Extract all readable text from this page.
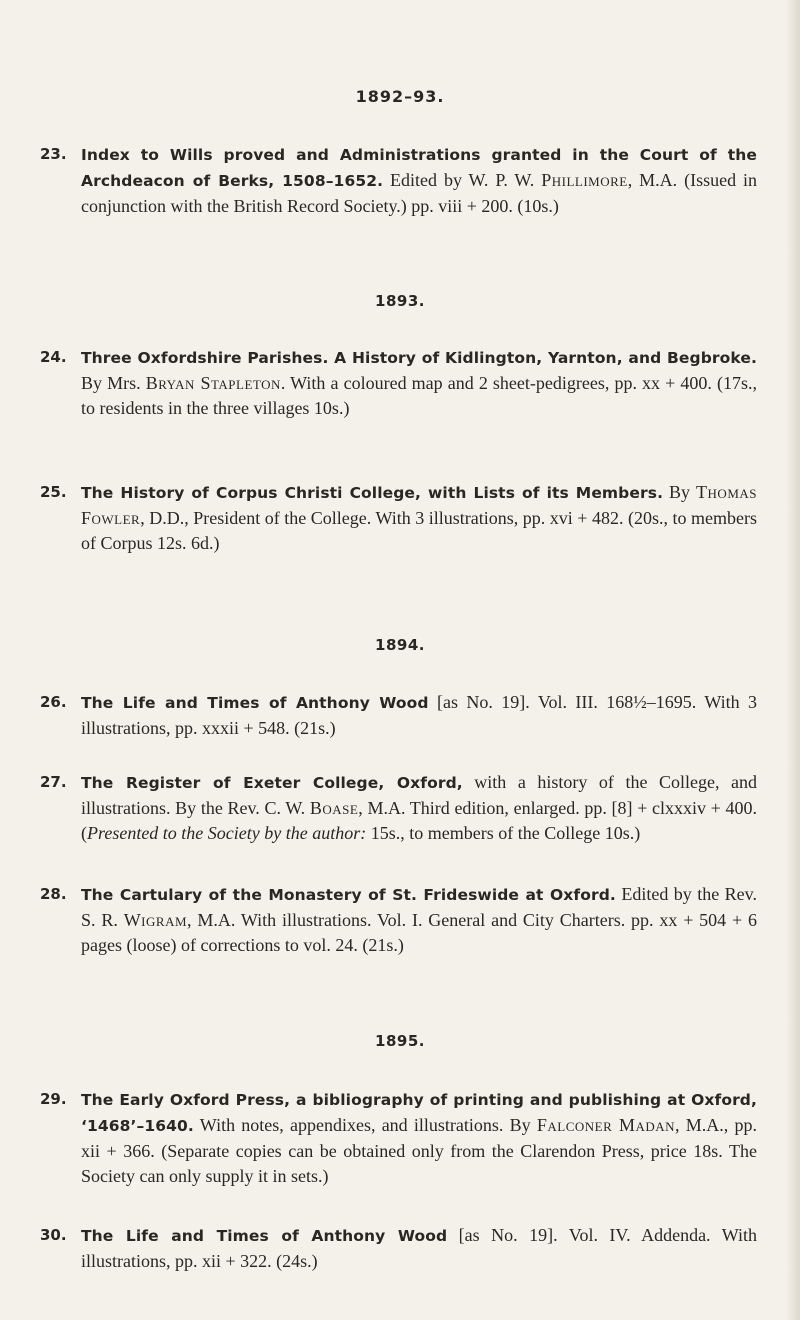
1892–93.
23. Index to Wills proved and Administrations granted in the Court of the Archdeacon of Berks, 1508–1652. Edited by W. P. W. Phillimore, M.A. (Issued in conjunction with the British Record Society.) pp. viii + 200. (10s.)
1893.
24. Three Oxfordshire Parishes. A History of Kidlington, Yarnton, and Begbroke. By Mrs. Bryan Stapleton. With a coloured map and 2 sheet-pedigrees, pp. xx + 400. (17s., to residents in the three villages 10s.)
25. The History of Corpus Christi College, with Lists of its Members. By Thomas Fowler, D.D., President of the College. With 3 illustrations, pp. xvi + 482. (20s., to members of Corpus 12s. 6d.)
1894.
26. The Life and Times of Anthony Wood [as No. 19]. Vol. III. 168½–1695. With 3 illustrations, pp. xxxii + 548. (21s.)
27. The Register of Exeter College, Oxford, with a history of the College, and illustrations. By the Rev. C. W. Boase, M.A. Third edition, enlarged. pp. [8] + clxxxiv + 400. (Presented to the Society by the author: 15s., to members of the College 10s.)
28. The Cartulary of the Monastery of St. Frideswide at Oxford. Edited by the Rev. S. R. Wigram, M.A. With illustrations. Vol. I. General and City Charters. pp. xx + 504 + 6 pages (loose) of corrections to vol. 24. (21s.)
1895.
29. The Early Oxford Press, a bibliography of printing and publishing at Oxford, ‘1468’–1640. With notes, appendixes, and illustrations. By Falconer Madan, M.A., pp. xii + 366. (Separate copies can be obtained only from the Clarendon Press, price 18s. The Society can only supply it in sets.)
30. The Life and Times of Anthony Wood [as No. 19]. Vol. IV. Addenda. With illustrations, pp. xii + 322. (24s.)
